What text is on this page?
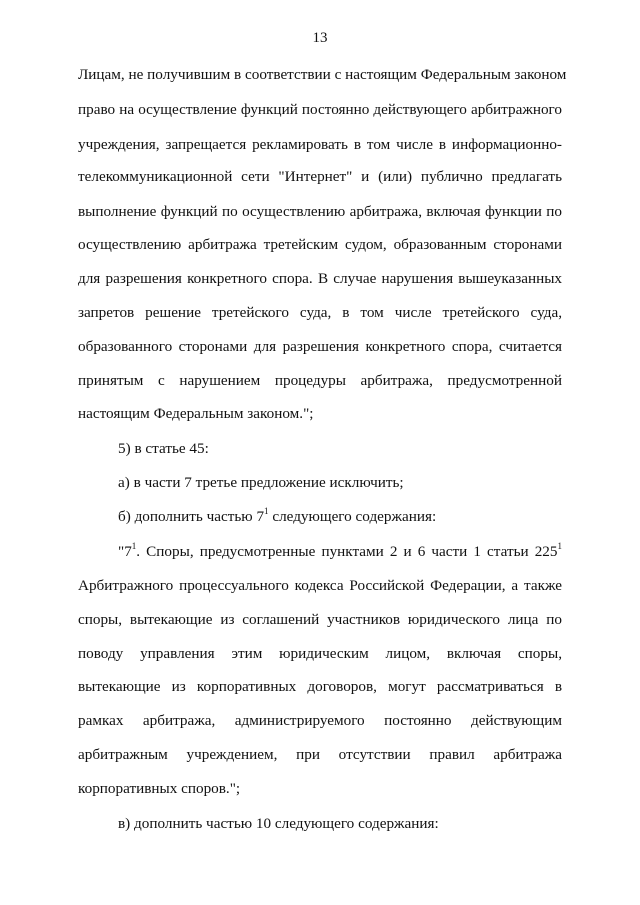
13
Лицам, не получившим в соответствии с настоящим Федеральным законом
право на осуществление функций постоянно действующего арбитражного
учреждения, запрещается рекламировать в том числе в информационно-
телекоммуникационной сети "Интернет" и (или) публично предлагать
выполнение функций по осуществлению арбитража, включая функции по
осуществлению арбитража третейским судом, образованным сторонами
для разрешения конкретного спора. В случае нарушения вышеуказанных
запретов решение третейского суда, в том числе третейского суда,
образованного сторонами для разрешения конкретного спора, считается
принятым с нарушением процедуры арбитража, предусмотренной
настоящим Федеральным законом.";
5) в статье 45:
а) в части 7 третье предложение исключить;
б) дополнить частью $7^1$ следующего содержания:
"$7^1$. Споры, предусмотренные пунктами 2 и 6 части 1 статьи $225^1$
Арбитражного процессуального кодекса Российской Федерации, а также
споры, вытекающие из соглашений участников юридического лица по
поводу управления этим юридическим лицом, включая споры,
вытекающие из корпоративных договоров, могут рассматриваться в
рамках арбитража, администрируемого постоянно действующим
арбитражным учреждением, при отсутствии правил арбитража
корпоративных споров.";
в) дополнить частью 10 следующего содержания:
